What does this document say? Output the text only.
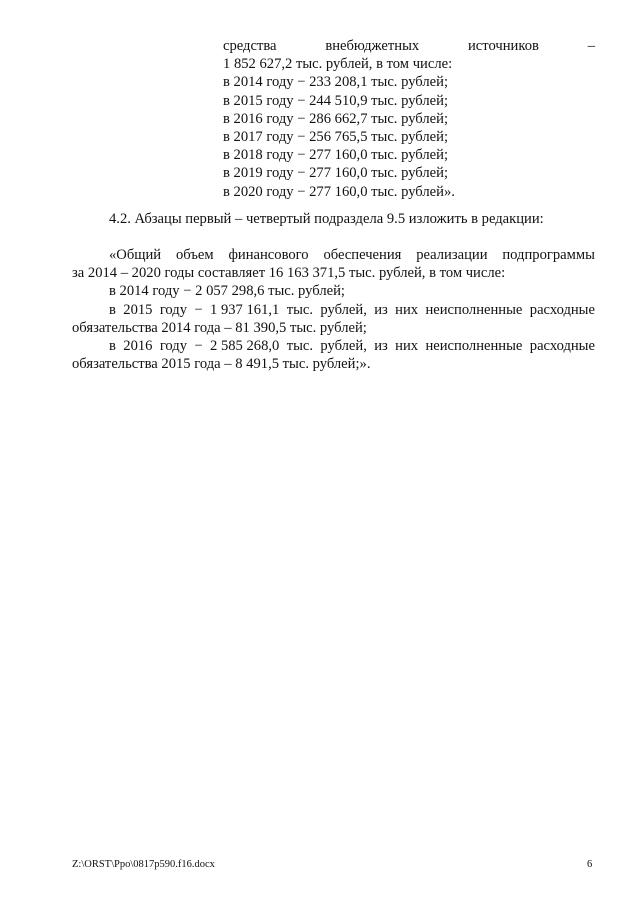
средства	внебюджетных	источников	–
1 852 627,2 тыс. рублей, в том числе:
в 2014 году − 233 208,1 тыс. рублей;
в 2015 году − 244 510,9 тыс. рублей;
в 2016 году − 286 662,7 тыс. рублей;
в 2017 году − 256 765,5 тыс. рублей;
в 2018 году − 277 160,0 тыс. рублей;
в 2019 году − 277 160,0 тыс. рублей;
в 2020 году − 277 160,0 тыс. рублей».
4.2. Абзацы первый – четвертый подраздела 9.5 изложить в редакции:
«Общий объем финансового обеспечения реализации подпрограммы
за 2014 – 2020 годы составляет 16 163 371,5 тыс. рублей, в том числе:
в 2014 году − 2 057 298,6 тыс. рублей;
в 2015 году − 1 937 161,1 тыс. рублей, из них неисполненные расходные
обязательства 2014 года – 81 390,5 тыс. рублей;
в 2016 году − 2 585 268,0 тыс. рублей, из них неисполненные расходные
обязательства 2015 года – 8 491,5 тыс. рублей;».
Z:\ORST\Ppo\0817p590.f16.docx	6
